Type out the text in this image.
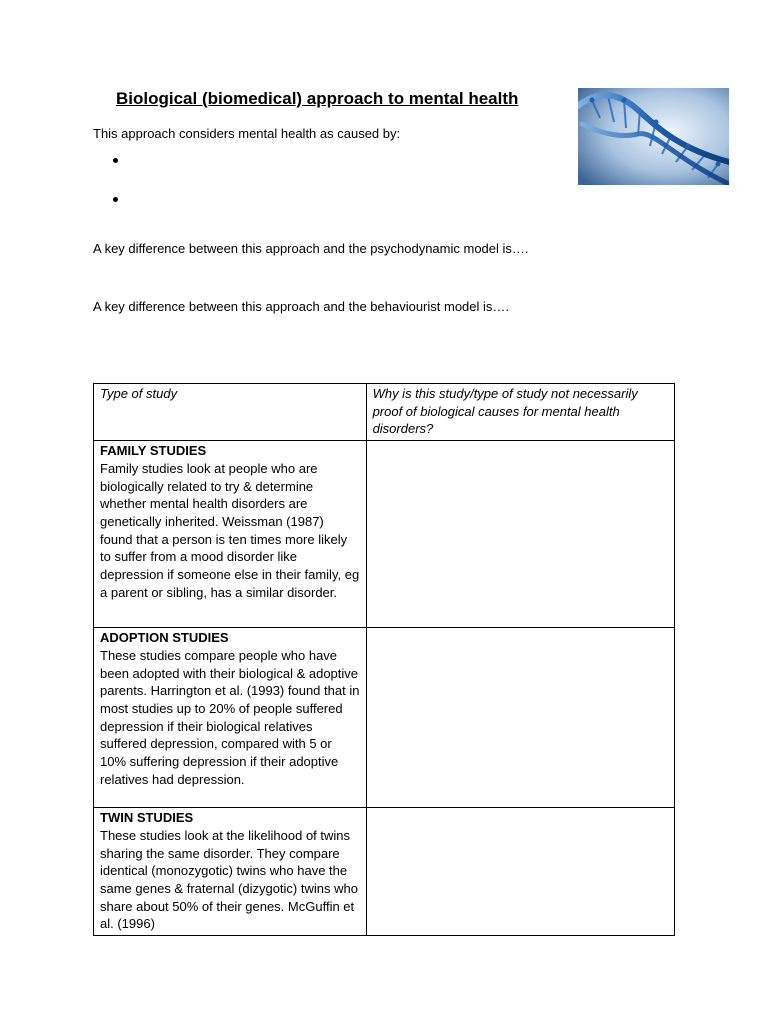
Biological (biomedical) approach to mental health

This approach considers mental health as caused by:

A key difference between this approach and the psychodynamic model is….

A key difference between this approach and the behaviourist model is….

Type of study	Why is this study/type of study not necessarily proof of biological causes for mental health disorders?

FAMILY STUDIES
Family studies look at people who are biologically related to try & determine whether mental health disorders are genetically inherited. Weissman (1987) found that a person is ten times more likely to suffer from a mood disorder like depression if someone else in their family, eg a parent or sibling, has a similar disorder.	

ADOPTION STUDIES
These studies compare people who have been adopted with their biological & adoptive parents. Harrington et al. (1993) found that in most studies up to 20% of people suffered depression if their biological relatives suffered depression, compared with 5 or 10% suffering depression if their adoptive relatives had depression.	

TWIN STUDIES
These studies look at the likelihood of twins sharing the same disorder. They compare identical (monozygotic) twins who have the same genes & fraternal (dizygotic) twins who share about 50% of their genes. McGuffin et al. (1996)	
